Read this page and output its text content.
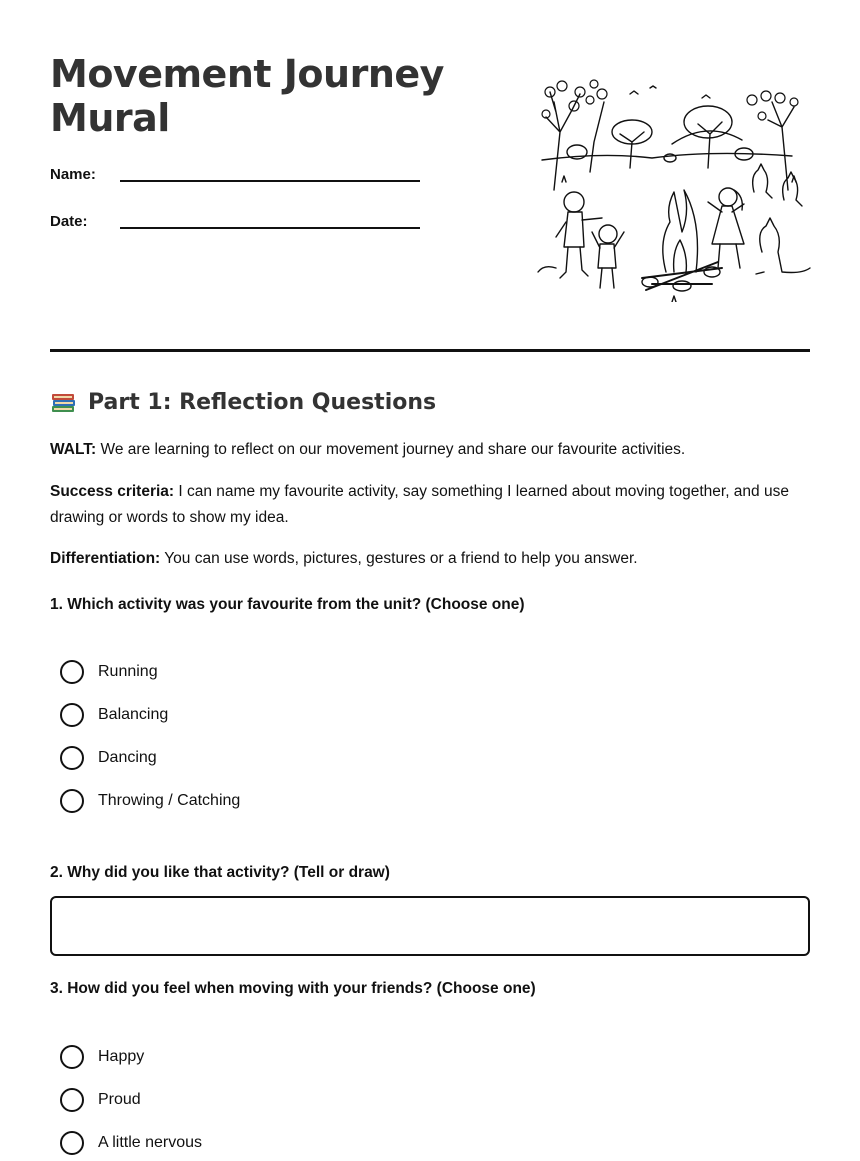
Movement Journey Mural
Name:
Date:
Part 1: Reflection Questions

WALT: We are learning to reflect on our movement journey and share our favourite activities.

Success criteria: I can name my favourite activity, say something I learned about moving together, and use drawing or words to show my idea.

Differentiation: You can use words, pictures, gestures or a friend to help you answer.

1. Which activity was your favourite from the unit? (Choose one)
Running
Balancing
Dancing
Throwing / Catching
2. Why did you like that activity? (Tell or draw)
3. How did you feel when moving with your friends? (Choose one)
Happy
Proud
A little nervous
